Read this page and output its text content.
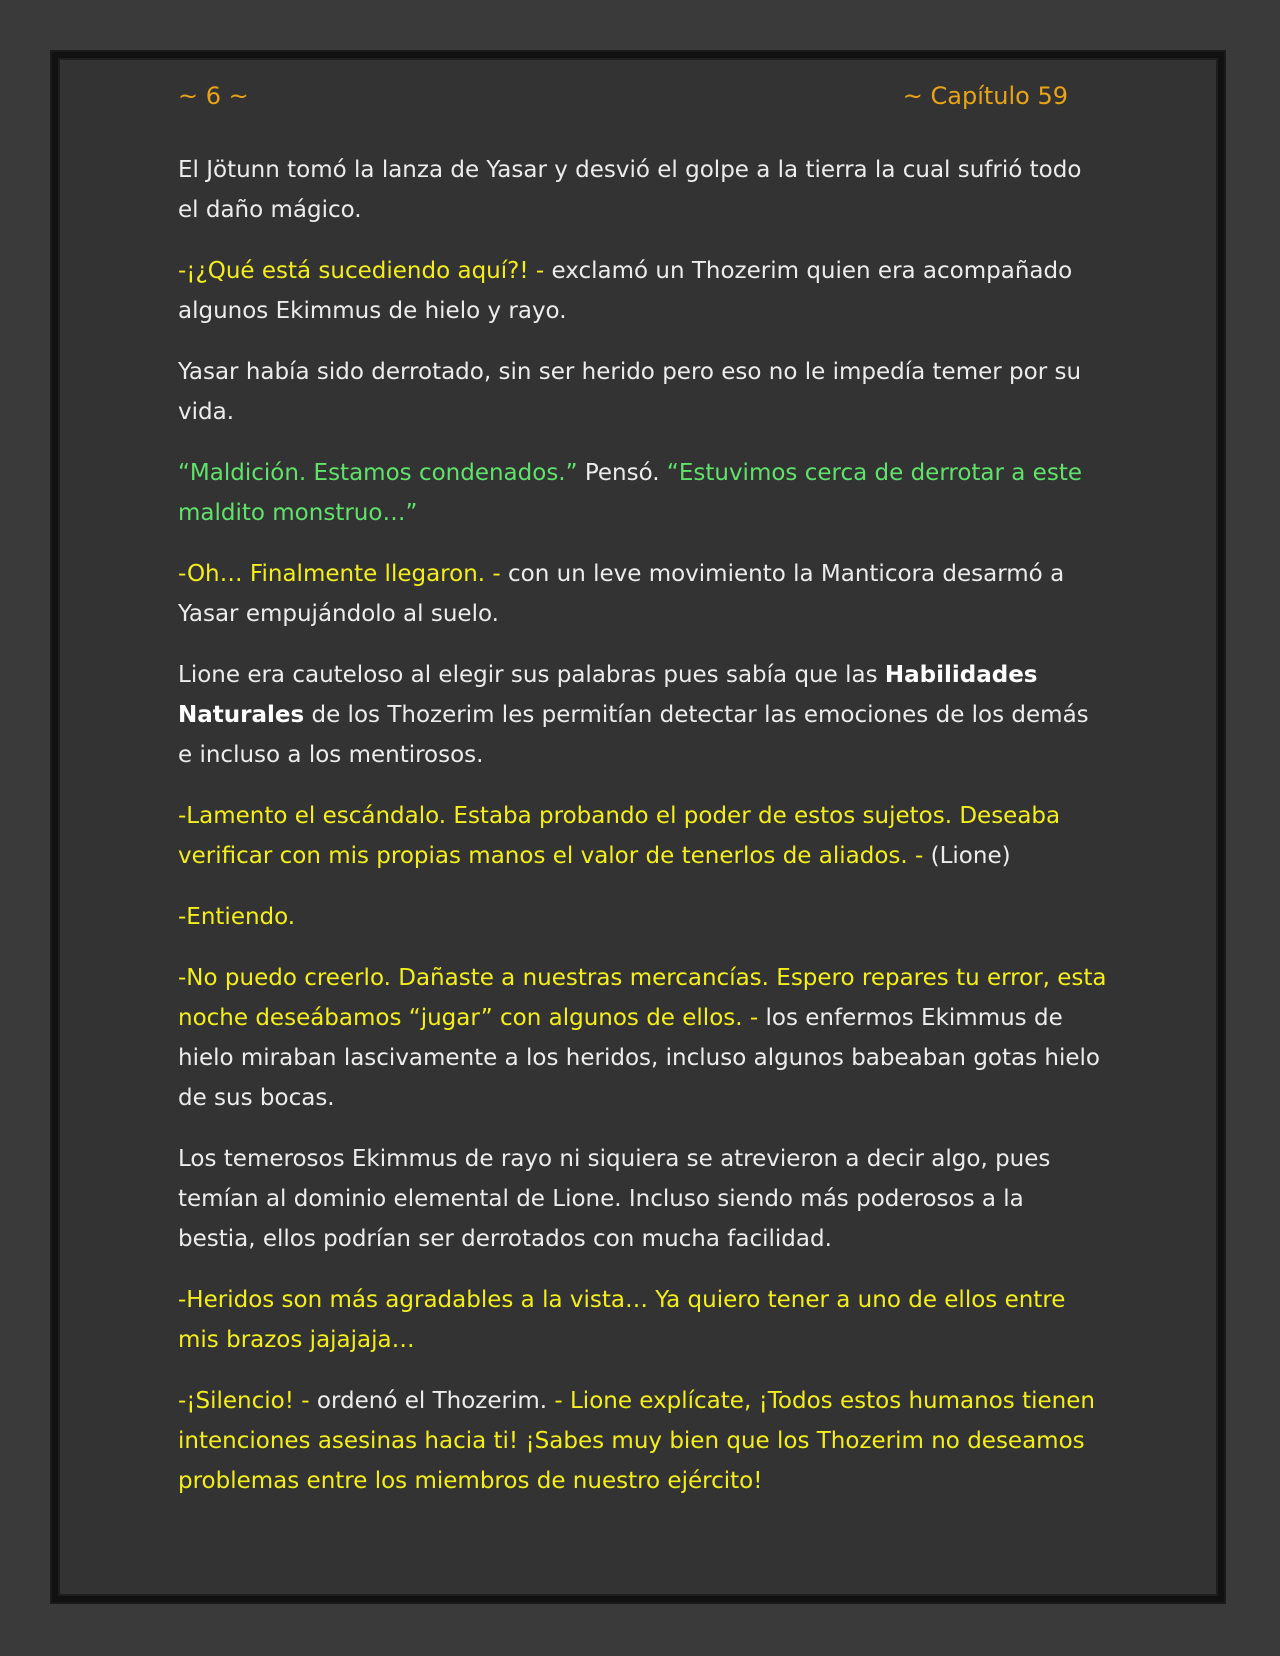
~ 6 ~	~ Capítulo 59

El Jötunn tomó la lanza de Yasar y desvió el golpe a la tierra la cual sufrió todo el daño mágico.

-¡¿Qué está sucediendo aquí?! - exclamó un Thozerim quien era acompañado algunos Ekimmus de hielo y rayo.

Yasar había sido derrotado, sin ser herido pero eso no le impedía temer por su vida.

“Maldición. Estamos condenados.” Pensó. “Estuvimos cerca de derrotar a este maldito monstruo…”

-Oh… Finalmente llegaron. - con un leve movimiento la Manticora desarmó a Yasar empujándolo al suelo.

Lione era cauteloso al elegir sus palabras pues sabía que las Habilidades Naturales de los Thozerim les permitían detectar las emociones de los demás e incluso a los mentirosos.

-Lamento el escándalo. Estaba probando el poder de estos sujetos. Deseaba verificar con mis propias manos el valor de tenerlos de aliados. - (Lione)

-Entiendo.

-No puedo creerlo. Dañaste a nuestras mercancías. Espero repares tu error, esta noche deseábamos “jugar” con algunos de ellos. - los enfermos Ekimmus de hielo miraban lascivamente a los heridos, incluso algunos babeaban gotas hielo de sus bocas.

Los temerosos Ekimmus de rayo ni siquiera se atrevieron a decir algo, pues temían al dominio elemental de Lione. Incluso siendo más poderosos a la bestia, ellos podrían ser derrotados con mucha facilidad.

-Heridos son más agradables a la vista… Ya quiero tener a uno de ellos entre mis brazos jajajaja…

-¡Silencio! - ordenó el Thozerim. - Lione explícate, ¡Todos estos humanos tienen intenciones asesinas hacia ti! ¡Sabes muy bien que los Thozerim no deseamos problemas entre los miembros de nuestro ejército!
